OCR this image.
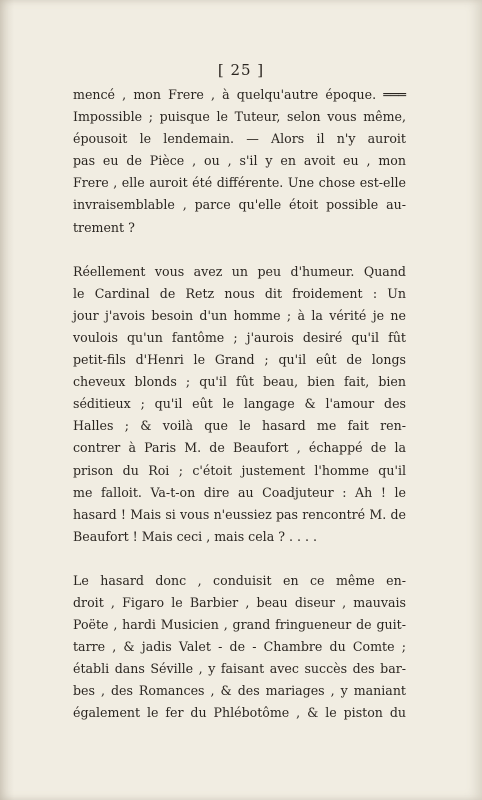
[ 25 ]
mencé , mon Frere , à quelqu'autre époque. ═══
Impossible ; puisque le Tuteur, selon vous même,
épousoit le lendemain. — Alors il n'y auroit
pas eu de Pièce , ou , s'il y en avoit eu , mon
Frere , elle auroit été différente. Une chose est-elle
invraisemblable , parce qu'elle étoit possible au-
trement ?
Réellement vous avez un peu d'humeur. Quand
le Cardinal de Retz nous dit froidement : Un
jour j'avois besoin d'un homme ; à la vérité je ne
voulois qu'un fantôme ; j'aurois desiré qu'il fût
petit-fils d'Henri le Grand ; qu'il eût de longs
cheveux blonds ; qu'il fût beau, bien fait, bien
séditieux ; qu'il eût le langage & l'amour des
Halles ; & voilà que le hasard me fait ren-
contrer à Paris M. de Beaufort , échappé de la
prison du Roi ; c'étoit justement l'homme qu'il
me falloit. Va-t-on dire au Coadjuteur : Ah ! le
hasard ! Mais si vous n'eussiez pas rencontré M. de
Beaufort ! Mais ceci , mais cela ? . . . .
Le hasard donc , conduisit en ce même en-
droit , Figaro le Barbier , beau diseur , mauvais
Poëte , hardi Musicien , grand fringueneur de guit-
tarre , & jadis Valet - de - Chambre du Comte ;
établi dans Séville , y faisant avec succès des bar-
bes , des Romances , & des mariages , y maniant
également le fer du Phlébotôme , & le piston du
